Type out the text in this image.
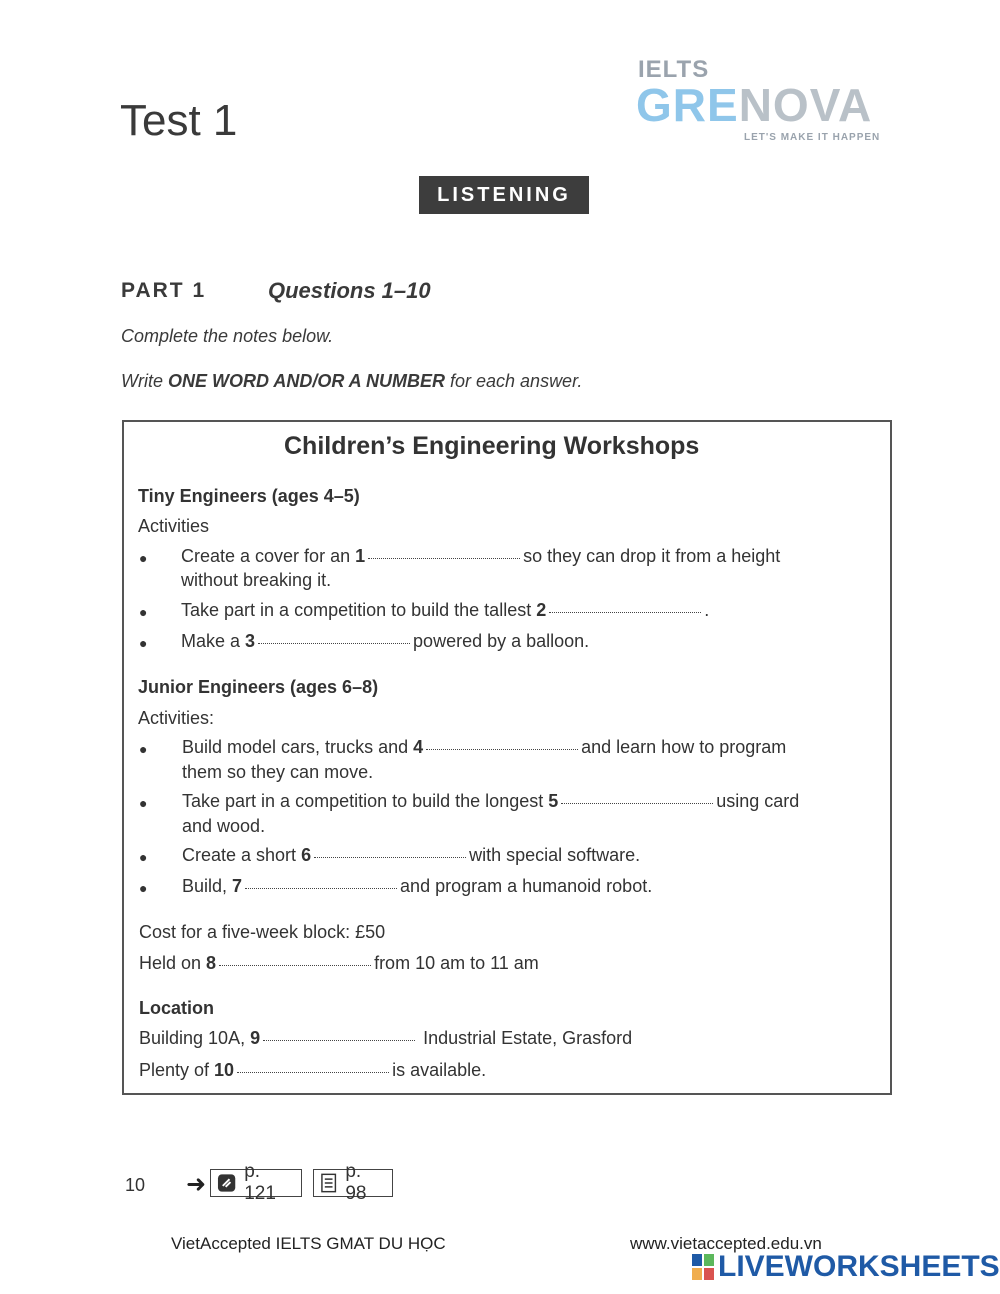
Test 1
IELTS
GRENOVA
LET'S MAKE IT HAPPEN
LISTENING
PART 1	Questions 1–10
Complete the notes below.
Write ONE WORD AND/OR A NUMBER for each answer.
Children’s Engineering Workshops
Tiny Engineers (ages 4–5)
Activities
● Create a cover for an 1	so they can drop it from a height
without breaking it.
● Take part in a competition to build the tallest 2	.
● Make a 3	powered by a balloon.
Junior Engineers (ages 6–8)
Activities:
● Build model cars, trucks and 4	and learn how to program
them so they can move.
● Take part in a competition to build the longest 5	using card
and wood.
● Create a short 6	with special software.
● Build, 7	and program a humanoid robot.
Cost for a five-week block: £50
Held on 8	from 10 am to 11 am
Location
Building 10A, 9	Industrial Estate, Grasford
Plenty of 10	is available.
10 ➜ p. 121
p. 98
VietAccepted IELTS GMAT DU HỌC	www.vietaccepted.edu.vn
LIVEWORKSHEETS
